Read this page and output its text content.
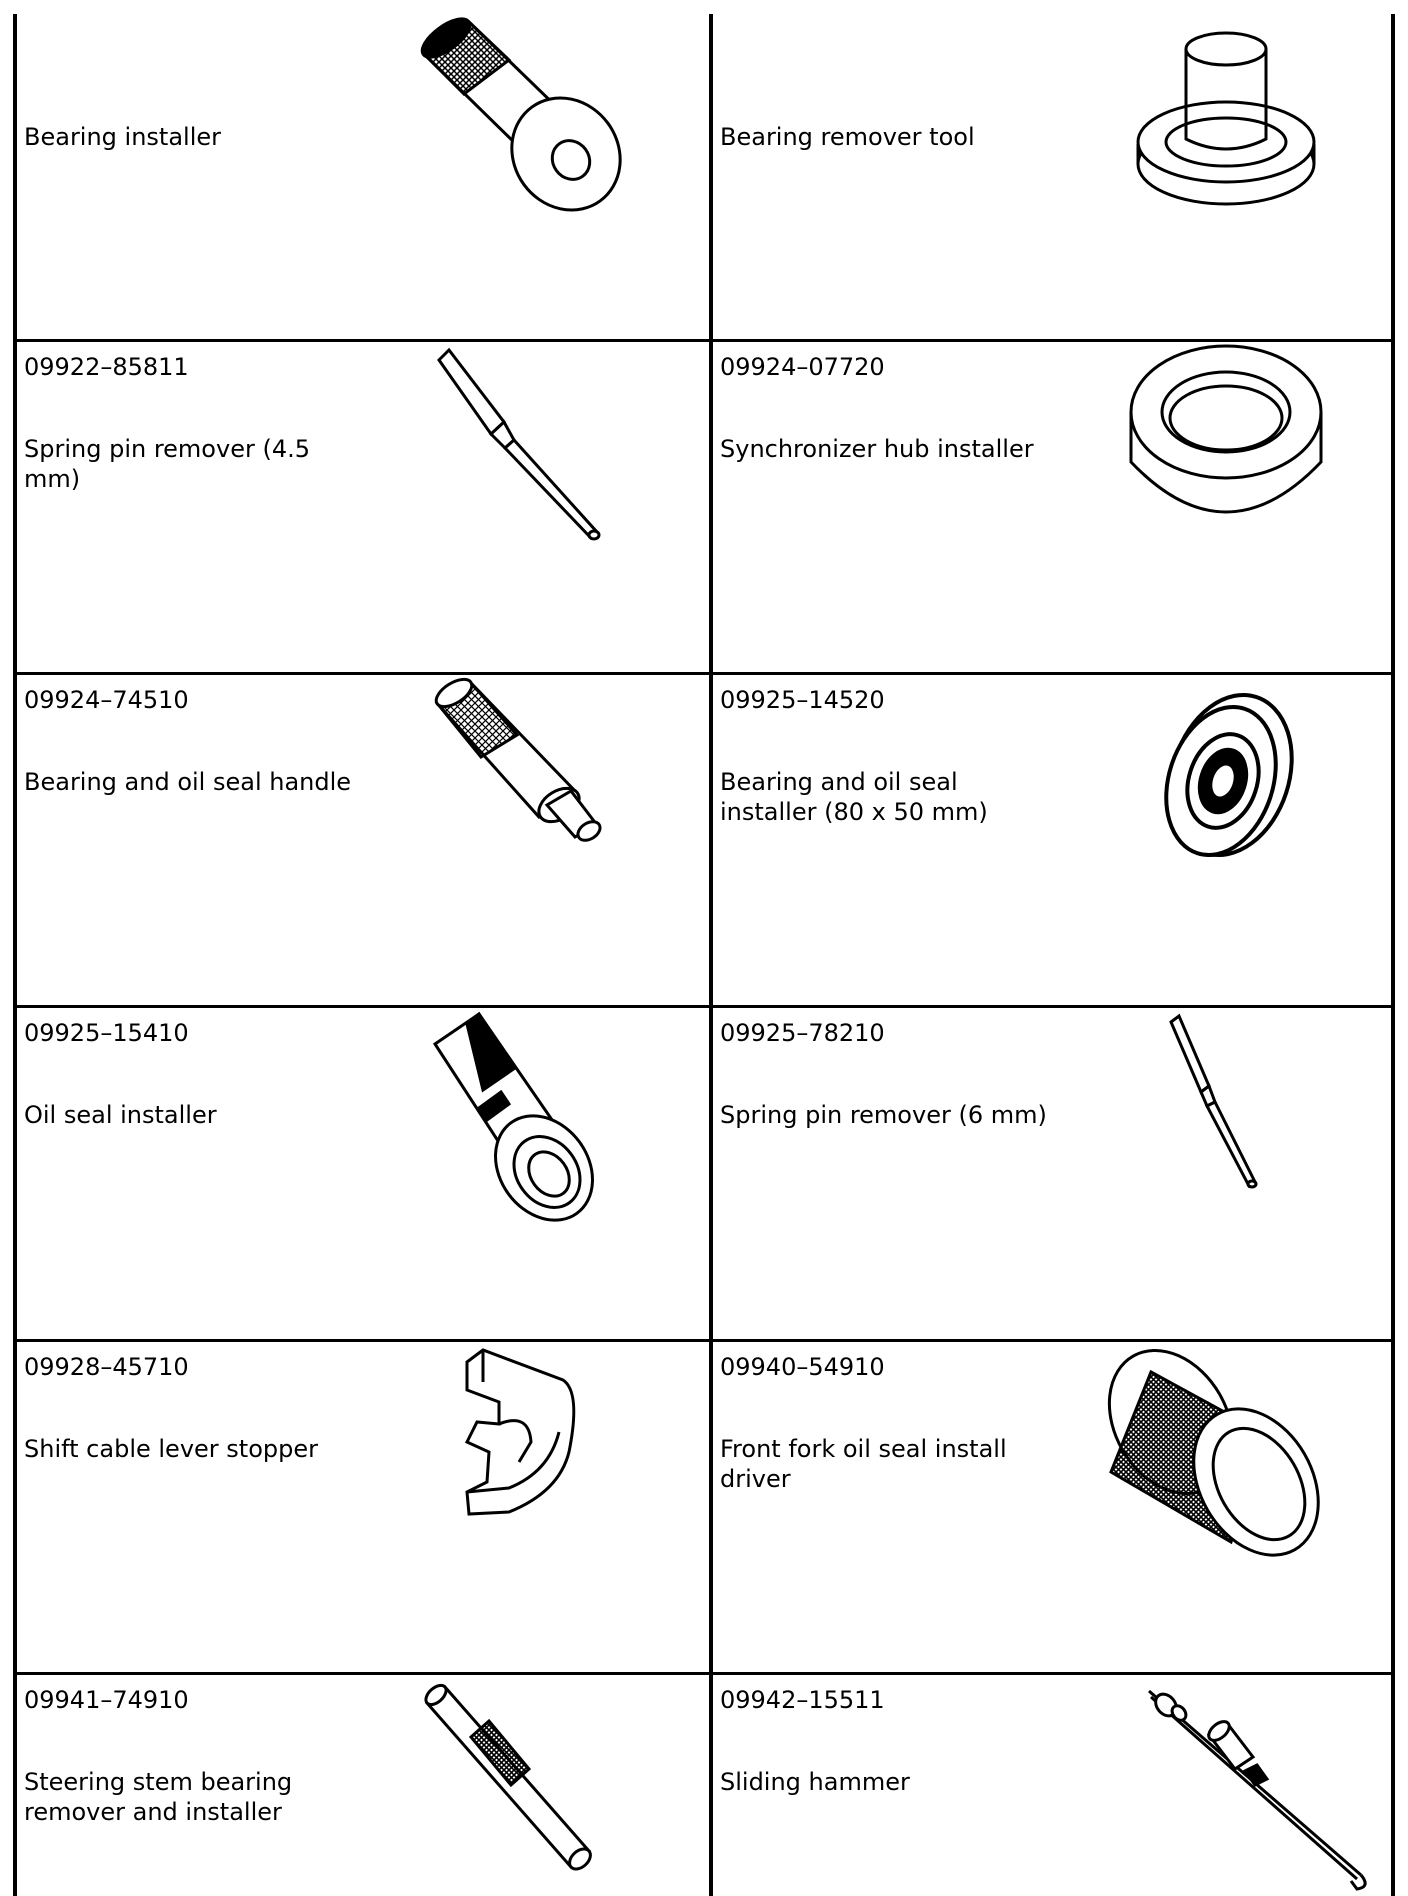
Bearing installer	Bearing remover tool
09922–85811
Spring pin remover (4.5 mm)
09924–07720
Synchronizer hub installer
09924–74510
Bearing and oil seal handle
09925–14520
Bearing and oil seal installer (80 x 50 mm)
09925–15410
Oil seal installer
09925–78210
Spring pin remover (6 mm)
09928–45710
Shift cable lever stopper
09940–54910
Front fork oil seal install driver
09941–74910
Steering stem bearing remover and installer
09942–15511
Sliding hammer
